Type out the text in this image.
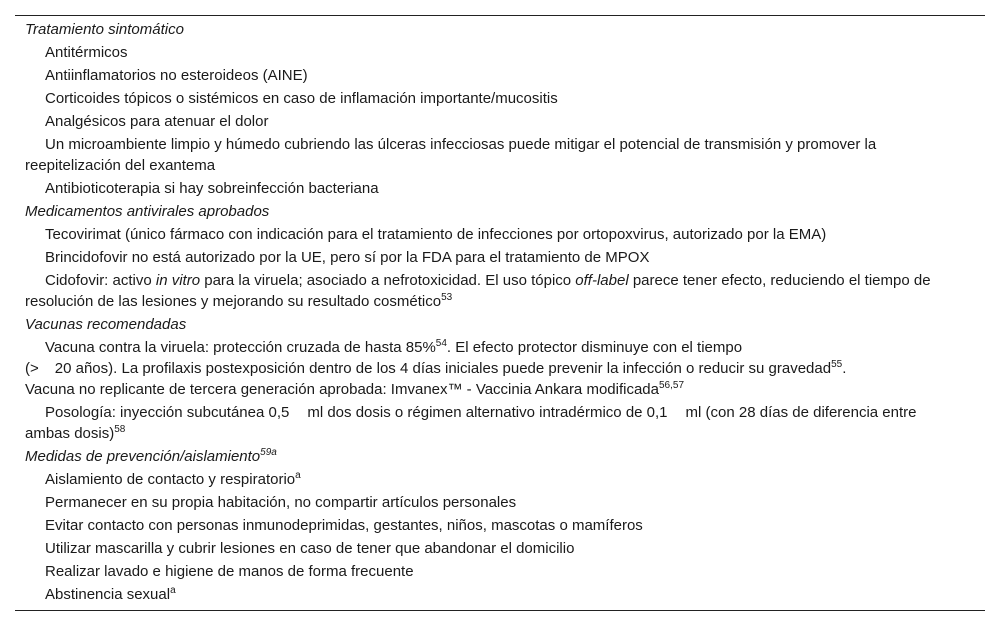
Tratamiento sintomático
Antitérmicos
Antiinflamatorios no esteroideos (AINE)
Corticoides tópicos o sistémicos en caso de inflamación importante/mucositis
Analgésicos para atenuar el dolor
Un microambiente limpio y húmedo cubriendo las úlceras infecciosas puede mitigar el potencial de transmisión y promover la reepitelización del exantema
Antibioticoterapia si hay sobreinfección bacteriana
Medicamentos antivirales aprobados
Tecovirimat (único fármaco con indicación para el tratamiento de infecciones por ortopoxvirus, autorizado por la EMA)
Brincidofovir no está autorizado por la UE, pero sí por la FDA para el tratamiento de MPOX
Cidofovir: activo in vitro para la viruela; asociado a nefrotoxicidad. El uso tópico off-label parece tener efecto, reduciendo el tiempo de resolución de las lesiones y mejorando su resultado cosmético$^{53}$
Vacunas recomendadas
Vacuna contra la viruela: protección cruzada de hasta 85%$^{54}$. El efecto protector disminuye con el tiempo
(> 20 años). La profilaxis postexposición dentro de los 4 días iniciales puede prevenir la infección o reducir su gravedad$^{55}$.
Vacuna no replicante de tercera generación aprobada: Imvanex™ - Vaccinia Ankara modificada$^{56,57}$
Posología: inyección subcutánea 0,5 ml dos dosis o régimen alternativo intradérmico de 0,1 ml (con 28 días de diferencia entre ambas dosis)$^{58}$
Medidas de prevención/aislamiento$^{59a}$
Aislamiento de contacto y respiratorio$^a$
Permanecer en su propia habitación, no compartir artículos personales
Evitar contacto con personas inmunodeprimidas, gestantes, niños, mascotas o mamíferos
Utilizar mascarilla y cubrir lesiones en caso de tener que abandonar el domicilio
Realizar lavado e higiene de manos de forma frecuente
Abstinencia sexual$^a$
